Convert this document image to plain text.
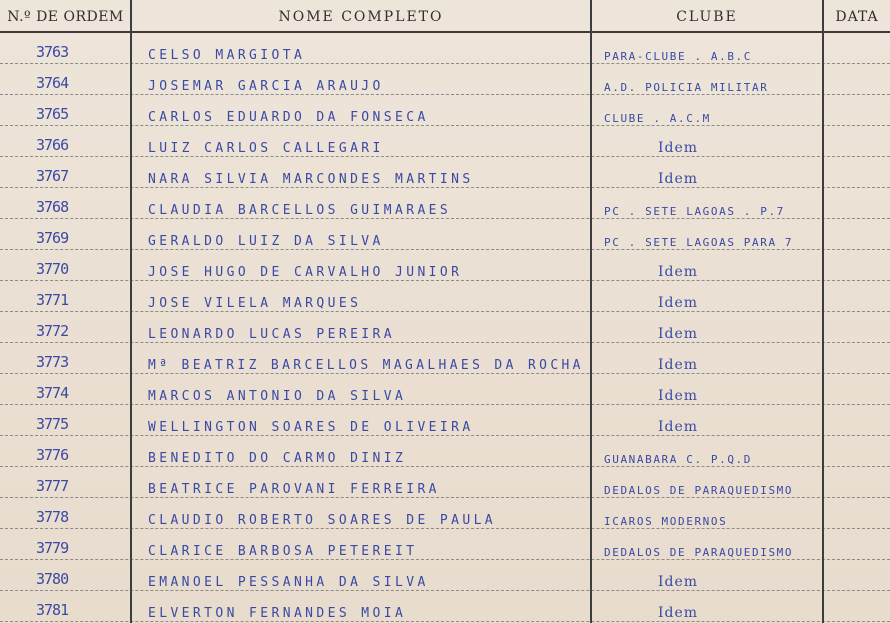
N.º DE ORDEM	NOME COMPLETO	CLUBE	DATA
3763	CELSO MARGIOTA	PARA-CLUBE . A.B.C
3764	JOSEMAR GARCIA ARAUJO	A.D. POLICIA MILITAR
3765	CARLOS EDUARDO DA FONSECA	CLUBE . A.C.M
3766	LUIZ CARLOS CALLEGARI	Idem
3767	NARA SILVIA MARCONDES MARTINS	Idem
3768	CLAUDIA BARCELLOS GUIMARAES	PC . SETE LAGOAS . P.7
3769	GERALDO LUIZ DA SILVA	PC . SETE LAGOAS PARA 7
3770	JOSE HUGO DE CARVALHO JUNIOR	Idem
3771	JOSE VILELA MARQUES	Idem
3772	LEONARDO LUCAS PEREIRA	Idem
3773	Mª BEATRIZ BARCELLOS MAGALHAES DA ROCHA	Idem
3774	MARCOS ANTONIO DA SILVA	Idem
3775	WELLINGTON SOARES DE OLIVEIRA	Idem
3776	BENEDITO DO CARMO DINIZ	GUANABARA C. P.Q.D
3777	BEATRICE PAROVANI FERREIRA	DEDALOS DE PARAQUEDISMO
3778	CLAUDIO ROBERTO SOARES DE PAULA	ICAROS MODERNOS
3779	CLARICE BARBOSA PETEREIT	DEDALOS DE PARAQUEDISMO
3780	EMANOEL PESSANHA DA SILVA	Idem
3781	ELVERTON FERNANDES MOIA	Idem
